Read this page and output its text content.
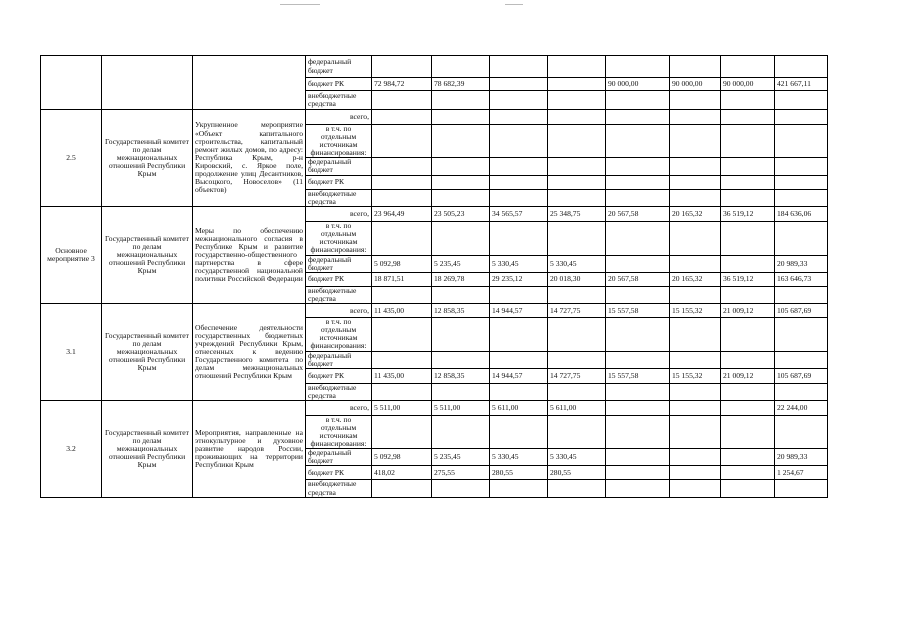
			федеральный бюджет								
			бюджет РК	72 984,72	78 682,39			90 000,00	90 000,00	90 000,00	421 667,11
			внебюджетные средства								
2.5	Государственный комитет по делам межнациональных отношений Республики Крым	Укрупненное мероприятие «Объект капитального строительства, капитальный ремонт жилых домов, по адресу: Республика Крым, р-н Кировский, с. Яркое поле, продолжение улиц Десантников, Высоцкого, Новоселов» (11 объектов)	всего,								
			в т.ч. по отдельным источникам финансирования:								
			федеральный бюджет								
			бюджет РК								
			внебюджетные средства								
Основное мероприятие 3	Государственный комитет по делам межнациональных отношений Республики Крым	Меры по обеспечению межнационального согласия в Республике Крым и развитие государственно-общественного партнерства в сфере государственной национальной политики Российской Федерации	всего,	23 964,49	23 505,23	34 565,57	25 348,75	20 567,58	20 165,32	36 519,12	184 636,06
			в т.ч. по отдельным источникам финансирования:								
			федеральный бюджет	5 092,98	5 235,45	5 330,45	5 330,45				20 989,33
			бюджет РК	18 871,51	18 269,78	29 235,12	20 018,30	20 567,58	20 165,32	36 519,12	163 646,73
			внебюджетные средства								
3.1	Государственный комитет по делам межнациональных отношений Республики Крым	Обеспечение деятельности государственных бюджетных учреждений Республики Крым, отнесенных к ведению Государственного комитета по делам межнациональных отношений Республики Крым	всего,	11 435,00	12 858,35	14 944,57	14 727,75	15 557,58	15 155,32	21 009,12	105 687,69
			в т.ч. по отдельным источникам финансирования:								
			федеральный бюджет								
			бюджет РК	11 435,00	12 858,35	14 944,57	14 727,75	15 557,58	15 155,32	21 009,12	105 687,69
			внебюджетные средства								
3.2	Государственный комитет по делам межнациональных отношений Республики Крым	Мероприятия, направленные на этнокультурное и духовное развитие народов России, проживающих на территории Республики Крым	всего,	5 511,00	5 511,00	5 611,00	5 611,00				22 244,00
			в т.ч. по отдельным источникам финансирования:								
			федеральный бюджет	5 092,98	5 235,45	5 330,45	5 330,45				20 989,33
			бюджет РК	418,02	275,55	280,55	280,55				1 254,67
			внебюджетные средства								
